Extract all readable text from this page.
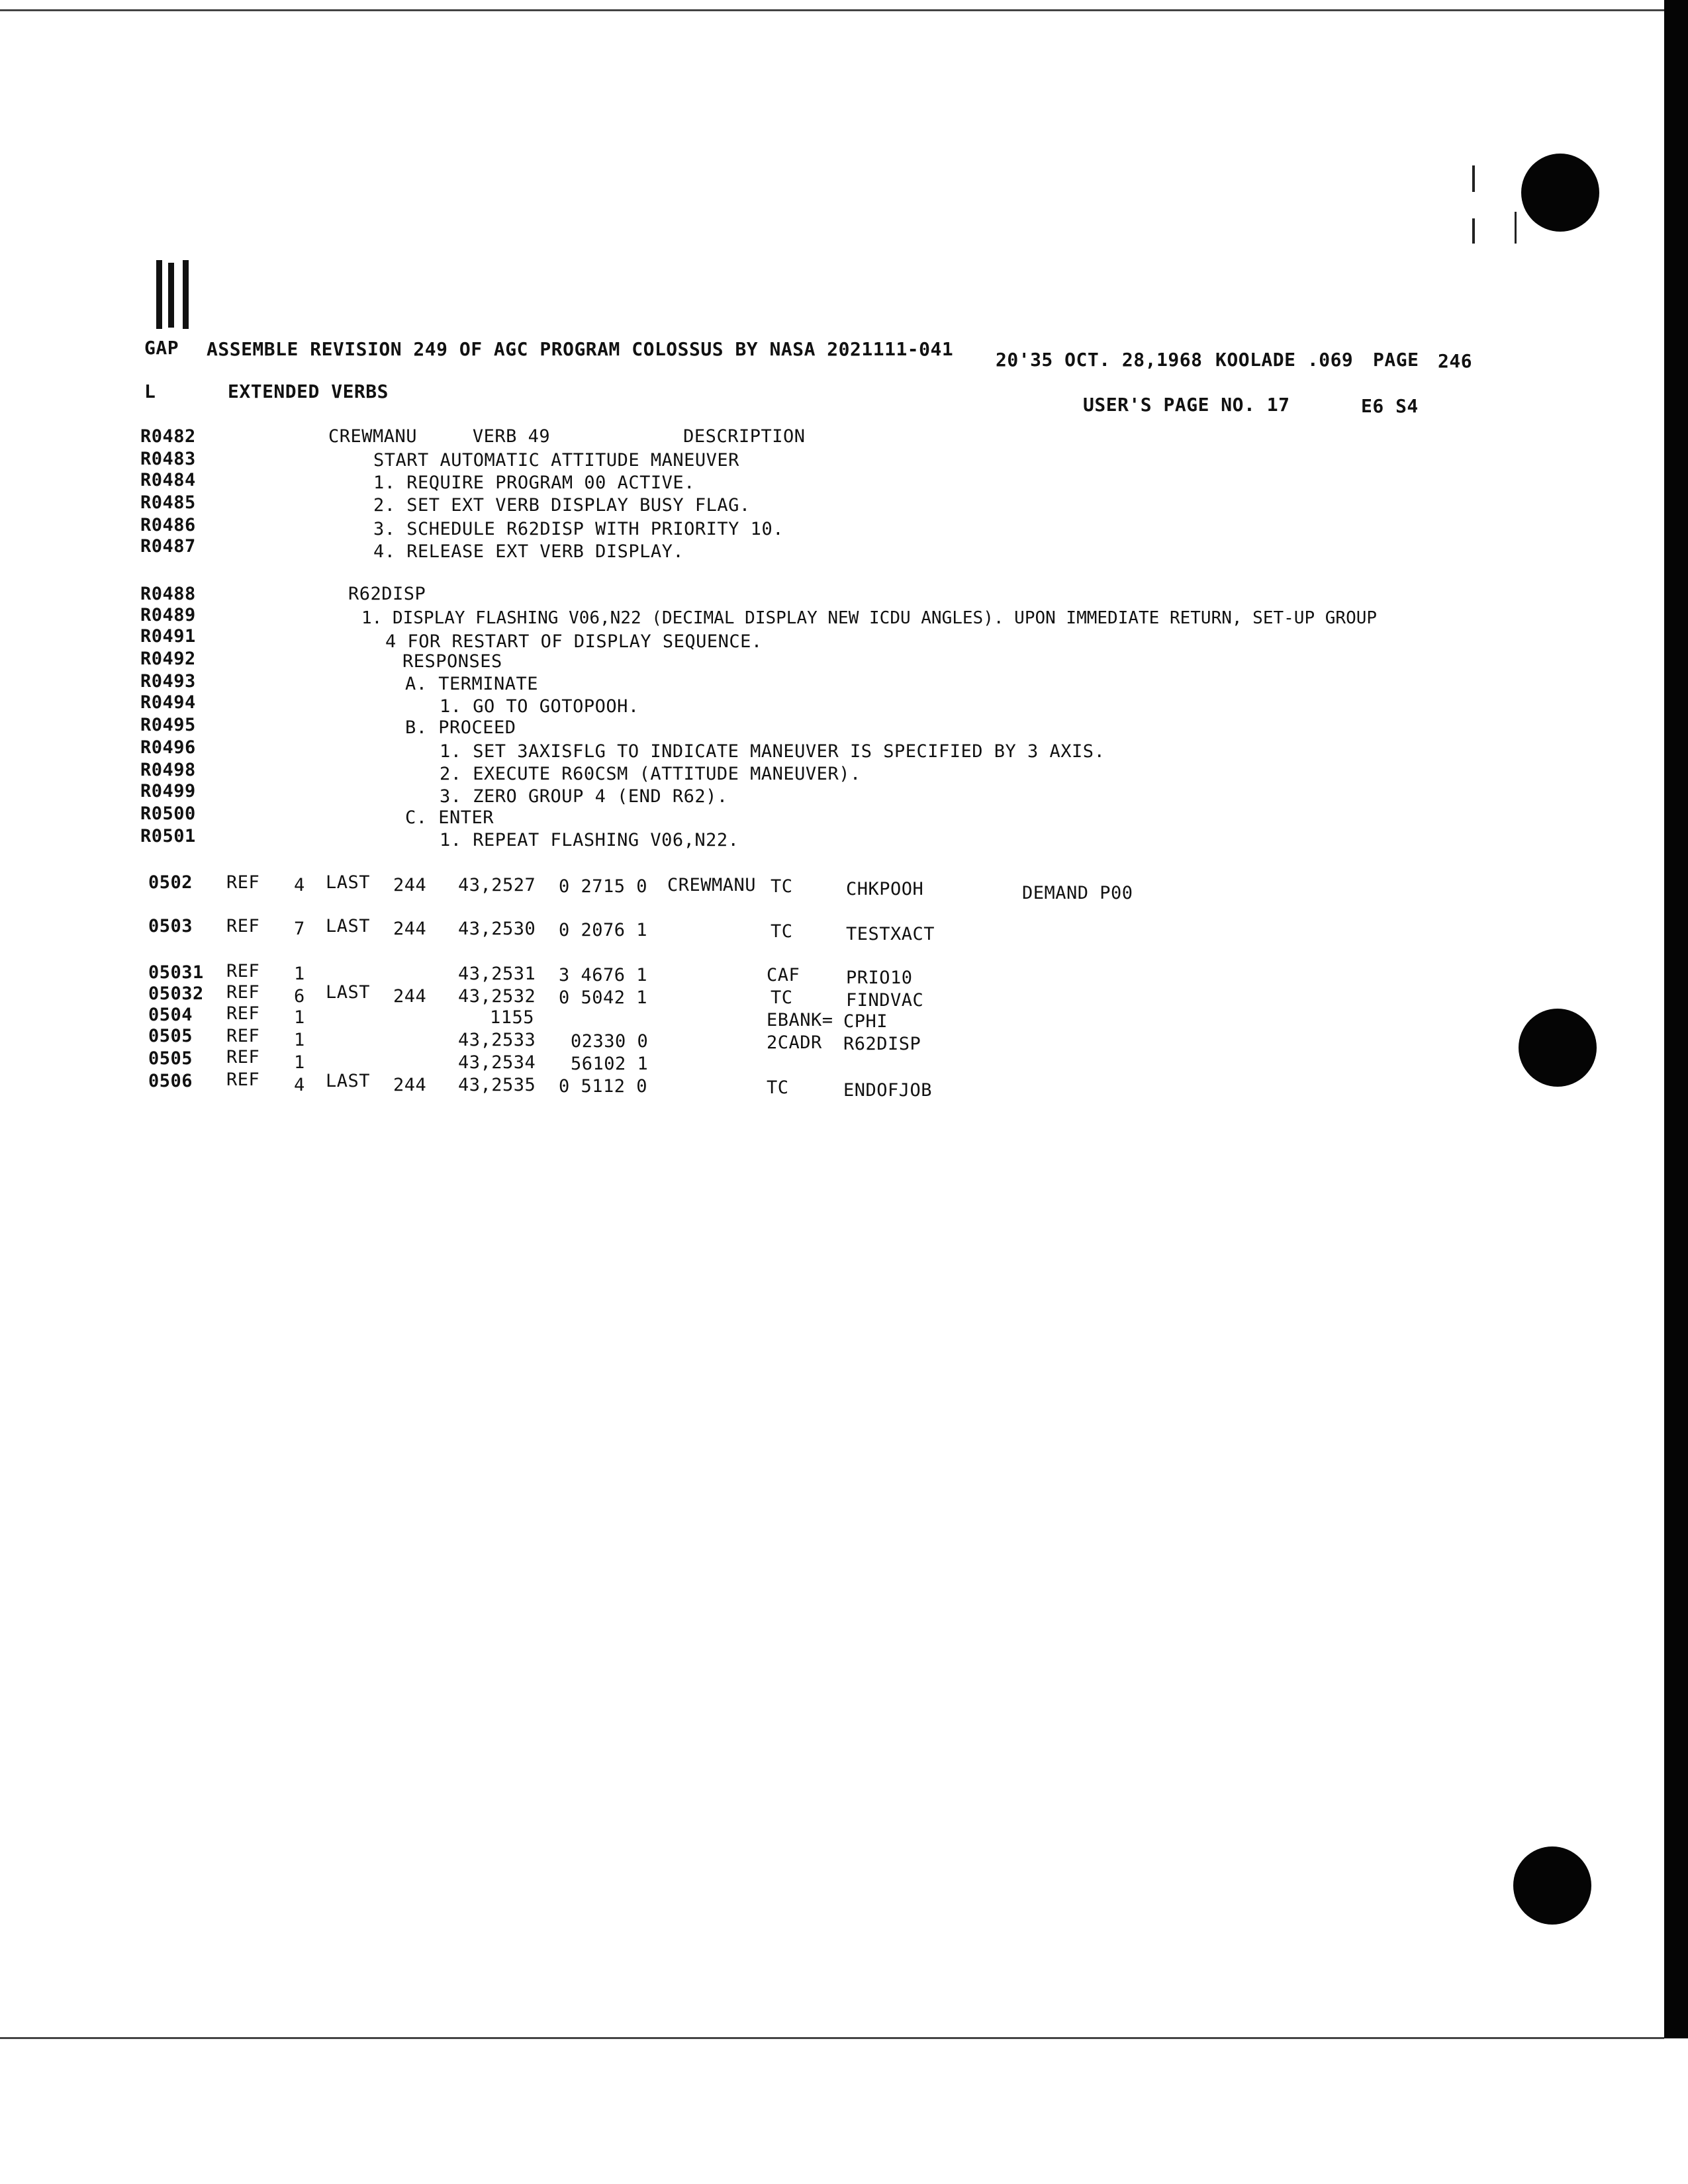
GAP ASSEMBLE REVISION 249 OF AGC PROGRAM COLOSSUS BY NASA 2021111-041 20'35 OCT. 28,1968 KOOLADE .069 PAGE 246
L	EXTENDED VERBS
USER'S PAGE NO. 17	E6 S4
R0482	CREWMANU     VERB 49            DESCRIPTION
R0483	START AUTOMATIC ATTITUDE MANEUVER
R0484	1. REQUIRE PROGRAM 00 ACTIVE.
R0485	2. SET EXT VERB DISPLAY BUSY FLAG.
R0486	3. SCHEDULE R62DISP WITH PRIORITY 10.
R0487	4. RELEASE EXT VERB DISPLAY.
R0488	R62DISP
R0489	1. DISPLAY FLASHING V06,N22 (DECIMAL DISPLAY NEW ICDU ANGLES). UPON IMMEDIATE RETURN, SET-UP GROUP
R0491	4 FOR RESTART OF DISPLAY SEQUENCE.
R0492	RESPONSES
R0493	A. TERMINATE
R0494	1. GO TO GOTOPOOH.
R0495	B. PROCEED
R0496	1. SET 3AXISFLG TO INDICATE MANEUVER IS SPECIFIED BY 3 AXIS.
R0498	2. EXECUTE R60CSM (ATTITUDE MANEUVER).
R0499	3. ZERO GROUP 4 (END R62).
R0500	C. ENTER
R0501	1. REPEAT FLASHING V06,N22.
0502 REF 4 LAST 244 43,2527 0 2715 0 CREWMANU TC	CHKPOOH	DEMAND P00
0503 REF 7 LAST 244 43,2530 0 2076 1	TC	TESTXACT
05031 REF 1	43,2531 3 4676 1	CAF	PRIO10
05032 REF 6 LAST 244 43,2532 0 5042 1	TC	FINDVAC
0504 REF 1	1155	EBANK= CPHI
0505 REF 1	43,2533 02330 0	2CADR R62DISP
0505 REF 1	43,2534 56102 1
0506 REF 4 LAST 244 43,2535 0 5112 0	TC	ENDOFJOB
